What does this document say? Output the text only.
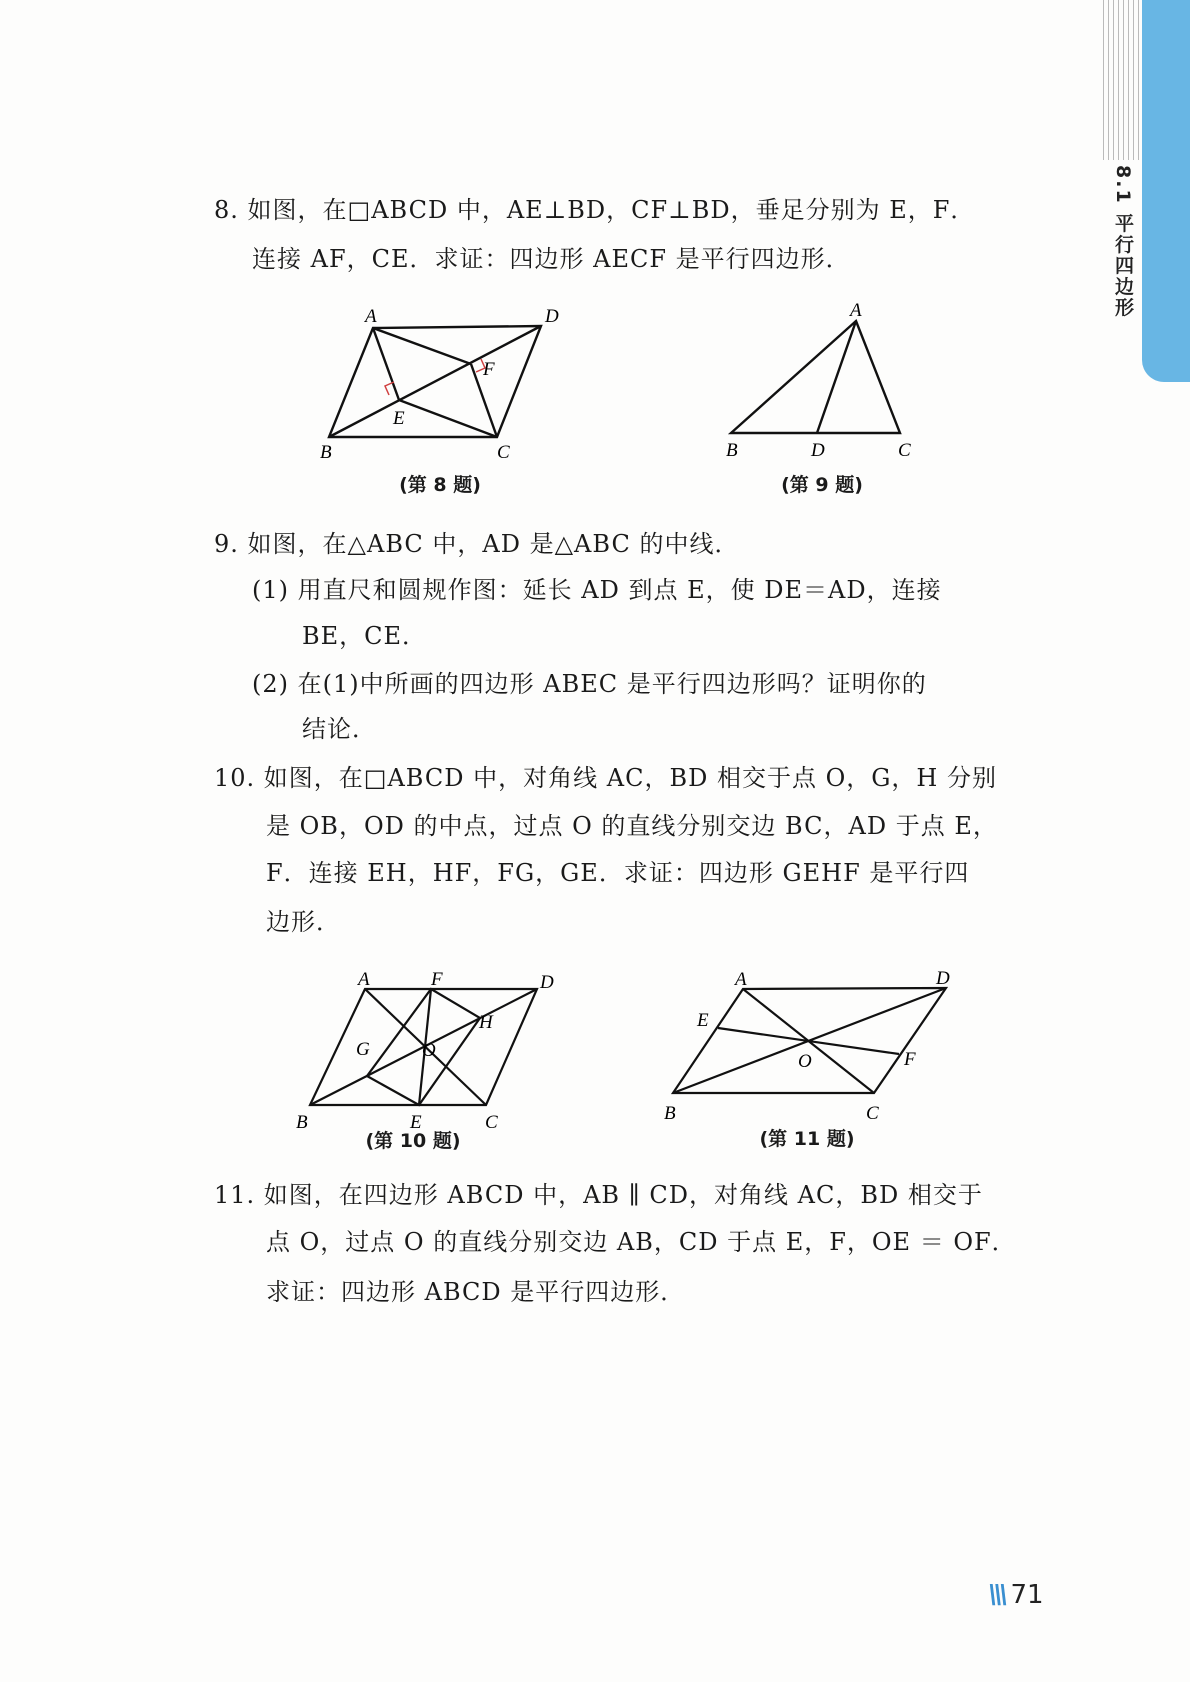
8.1 平行四边形
8. 如图，在□ABCD 中，AE⊥BD，CF⊥BD，垂足分别为 E，F．
连接 AF，CE．求证：四边形 AECF 是平行四边形．
9. 如图，在△ABC 中，AD 是△ABC 的中线．
(1) 用直尺和圆规作图：延长 AD 到点 E，使 DE＝AD，连接
BE，CE．
(2) 在(1)中所画的四边形 ABEC 是平行四边形吗？证明你的
结论．
10. 如图，在□ABCD 中，对角线 AC，BD 相交于点 O，G，H 分别
是 OB，OD 的中点，过点 O 的直线分别交边 BC，AD 于点 E，
F．连接 EH，HF，FG，GE．求证：四边形 GEHF 是平行四
边形．
11. 如图，在四边形 ABCD 中，AB ∥ CD，对角线 AC，BD 相交于
点 O，过点 O 的直线分别交边 AB，CD 于点 E，F，OE ＝ OF．
求证：四边形 ABCD 是平行四边形．
A	D
B	C
E
F
A
B	D	C
A	F	D
H
G	O
B	E	C
A	D
E
O	F
B	C
(第 8 题)	(第 9 题)
(第 10 题)	(第 11 题)
\\\ 71
